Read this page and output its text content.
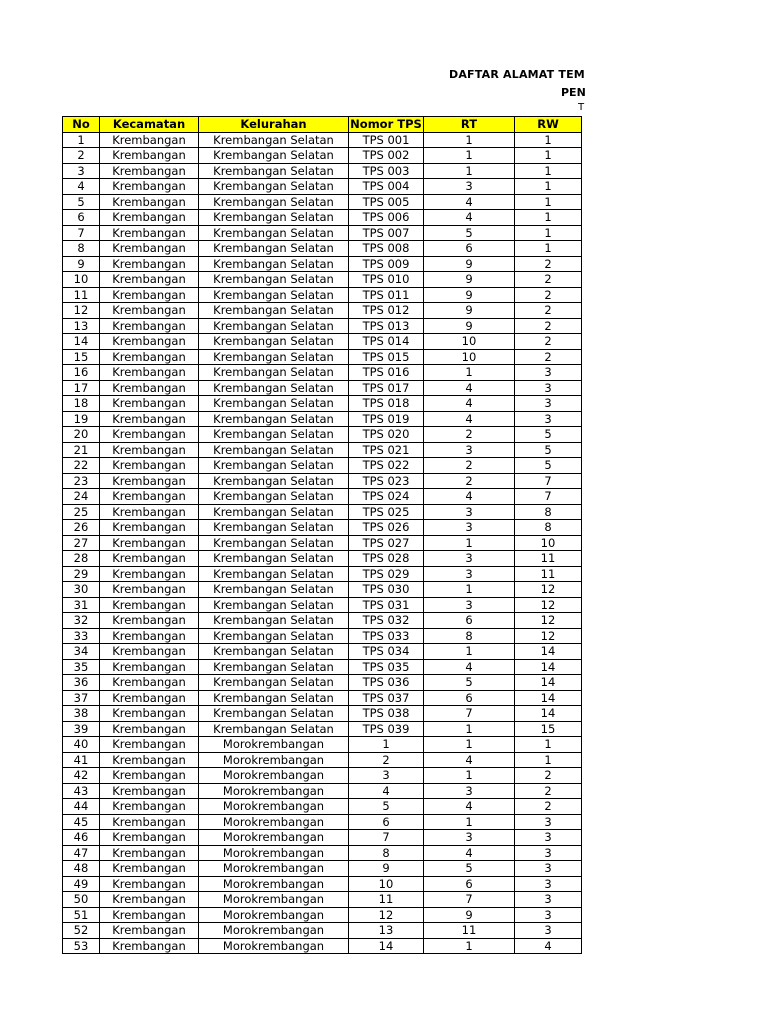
DAFTAR ALAMAT TEM
PEN
T
No	Kecamatan	Kelurahan	Nomor TPS	RT	RW
1	Krembangan	Krembangan Selatan	TPS 001	1	1
2	Krembangan	Krembangan Selatan	TPS 002	1	1
3	Krembangan	Krembangan Selatan	TPS 003	1	1
4	Krembangan	Krembangan Selatan	TPS 004	3	1
5	Krembangan	Krembangan Selatan	TPS 005	4	1
6	Krembangan	Krembangan Selatan	TPS 006	4	1
7	Krembangan	Krembangan Selatan	TPS 007	5	1
8	Krembangan	Krembangan Selatan	TPS 008	6	1
9	Krembangan	Krembangan Selatan	TPS 009	9	2
10	Krembangan	Krembangan Selatan	TPS 010	9	2
11	Krembangan	Krembangan Selatan	TPS 011	9	2
12	Krembangan	Krembangan Selatan	TPS 012	9	2
13	Krembangan	Krembangan Selatan	TPS 013	9	2
14	Krembangan	Krembangan Selatan	TPS 014	10	2
15	Krembangan	Krembangan Selatan	TPS 015	10	2
16	Krembangan	Krembangan Selatan	TPS 016	1	3
17	Krembangan	Krembangan Selatan	TPS 017	4	3
18	Krembangan	Krembangan Selatan	TPS 018	4	3
19	Krembangan	Krembangan Selatan	TPS 019	4	3
20	Krembangan	Krembangan Selatan	TPS 020	2	5
21	Krembangan	Krembangan Selatan	TPS 021	3	5
22	Krembangan	Krembangan Selatan	TPS 022	2	5
23	Krembangan	Krembangan Selatan	TPS 023	2	7
24	Krembangan	Krembangan Selatan	TPS 024	4	7
25	Krembangan	Krembangan Selatan	TPS 025	3	8
26	Krembangan	Krembangan Selatan	TPS 026	3	8
27	Krembangan	Krembangan Selatan	TPS 027	1	10
28	Krembangan	Krembangan Selatan	TPS 028	3	11
29	Krembangan	Krembangan Selatan	TPS 029	3	11
30	Krembangan	Krembangan Selatan	TPS 030	1	12
31	Krembangan	Krembangan Selatan	TPS 031	3	12
32	Krembangan	Krembangan Selatan	TPS 032	6	12
33	Krembangan	Krembangan Selatan	TPS 033	8	12
34	Krembangan	Krembangan Selatan	TPS 034	1	14
35	Krembangan	Krembangan Selatan	TPS 035	4	14
36	Krembangan	Krembangan Selatan	TPS 036	5	14
37	Krembangan	Krembangan Selatan	TPS 037	6	14
38	Krembangan	Krembangan Selatan	TPS 038	7	14
39	Krembangan	Krembangan Selatan	TPS 039	1	15
40	Krembangan	Morokrembangan	1	1	1
41	Krembangan	Morokrembangan	2	4	1
42	Krembangan	Morokrembangan	3	1	2
43	Krembangan	Morokrembangan	4	3	2
44	Krembangan	Morokrembangan	5	4	2
45	Krembangan	Morokrembangan	6	1	3
46	Krembangan	Morokrembangan	7	3	3
47	Krembangan	Morokrembangan	8	4	3
48	Krembangan	Morokrembangan	9	5	3
49	Krembangan	Morokrembangan	10	6	3
50	Krembangan	Morokrembangan	11	7	3
51	Krembangan	Morokrembangan	12	9	3
52	Krembangan	Morokrembangan	13	11	3
53	Krembangan	Morokrembangan	14	1	4
